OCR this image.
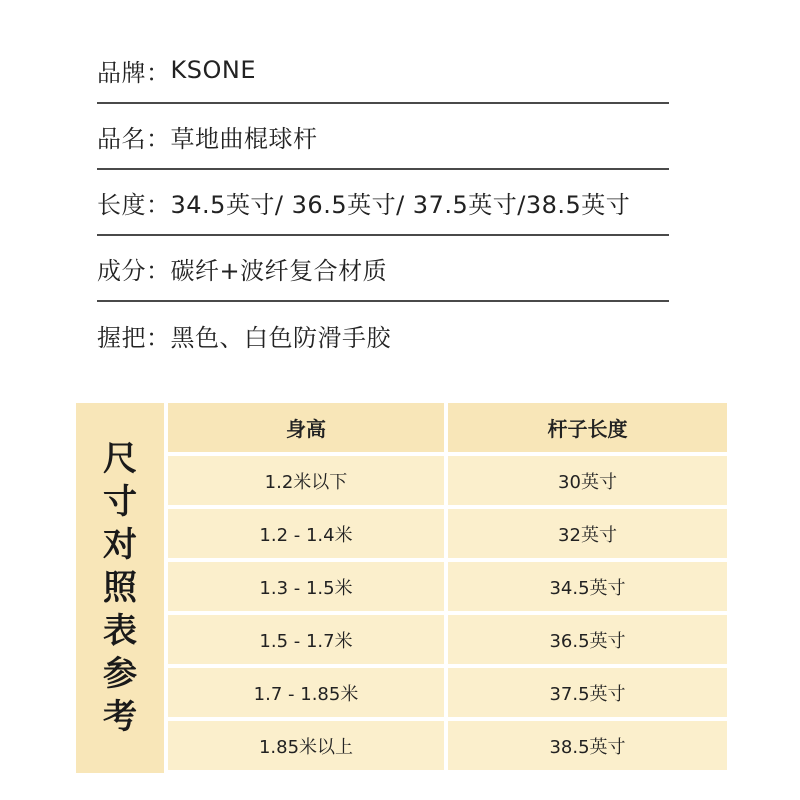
品牌 ： KSONE
品名 ： 草地曲棍球杆
长度 ： 34.5英寸/ 36.5英寸/ 37.5英寸/38.5英寸
成分 ： 碳纤+波纤复合材质
握把 ： 黑色、白色防滑手胶
尺
寸
对
照
表
参
考
身高	杆子长度
1.2米以下	30英寸
1.2 - 1.4米	32英寸
1.3 - 1.5米	34.5英寸
1.5 - 1.7米	36.5英寸
1.7 - 1.85米	37.5英寸
1.85米以上	38.5英寸
